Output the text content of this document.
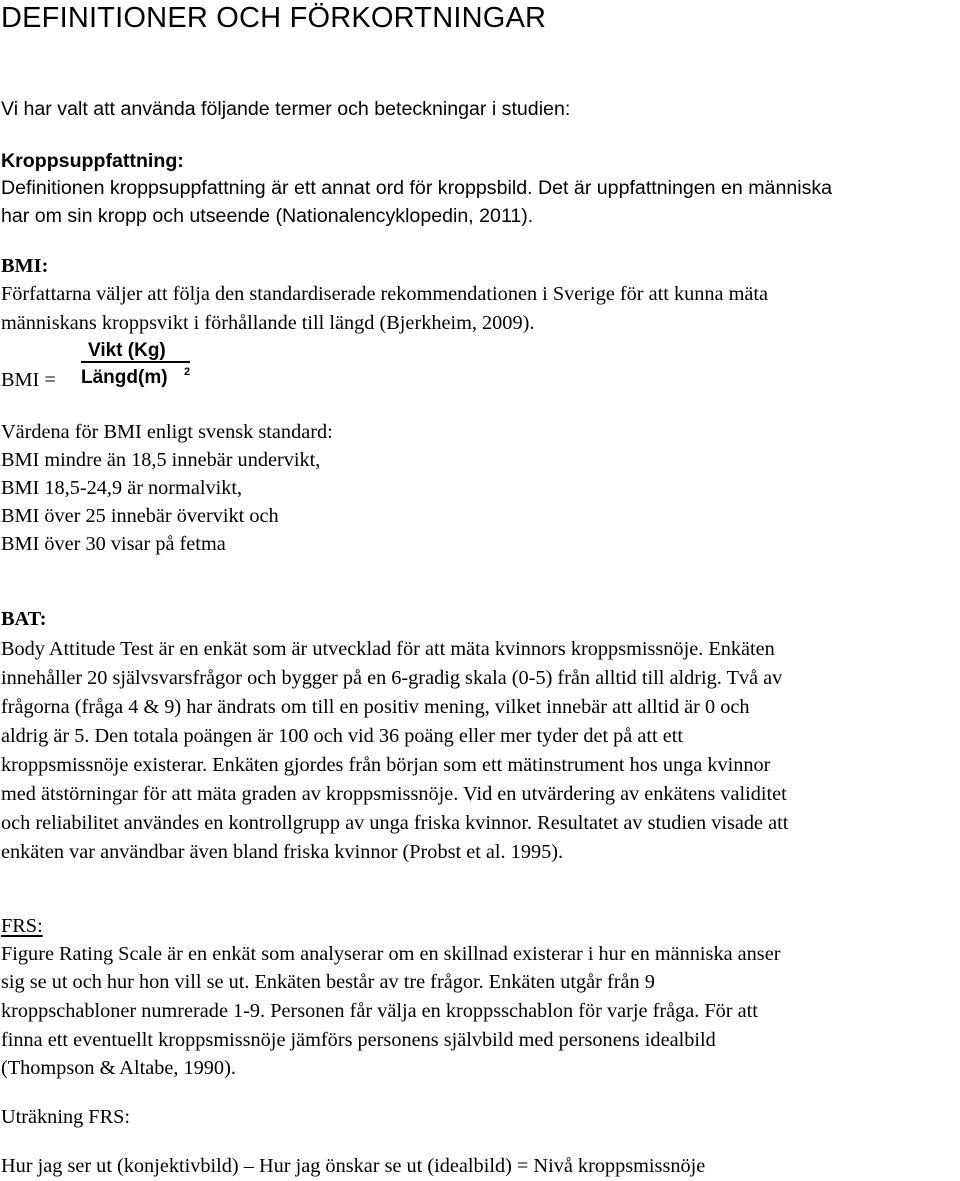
DEFINITIONER OCH FÖRKORTNINGAR

Vi har valt att använda följande termer och beteckningar i studien:

Kroppsuppfattning:

Definitionen kroppsuppfattning är ett annat ord för kroppsbild. Det är uppfattningen en människa

har om sin kropp och utseende (Nationalencyklopedin, 2011).

BMI:

Författarna väljer att följa den standardiserade rekommendationen i Sverige för att kunna mäta

människans kroppsvikt i förhållande till längd (Bjerkheim, 2009).

BMI =
Vikt (Kg)
Längd(m) 2

Värdena för BMI enligt svensk standard:

BMI mindre än 18,5 innebär undervikt,

BMI 18,5-24,9 är normalvikt,

BMI över 25 innebär övervikt och

BMI över 30 visar på fetma

BAT:

Body Attitude Test är en enkät som är utvecklad för att mäta kvinnors kroppsmissnöje. Enkäten

innehåller 20 självsvarsfrågor och bygger på en 6-gradig skala (0-5) från alltid till aldrig. Två av

frågorna (fråga 4 & 9) har ändrats om till en positiv mening, vilket innebär att alltid är 0 och

aldrig är 5. Den totala poängen är 100 och vid 36 poäng eller mer tyder det på att ett

kroppsmissnöje existerar. Enkäten gjordes från början som ett mätinstrument hos unga kvinnor

med ätstörningar för att mäta graden av kroppsmissnöje. Vid en utvärdering av enkätens validitet

och reliabilitet användes en kontrollgrupp av unga friska kvinnor. Resultatet av studien visade att

enkäten var användbar även bland friska kvinnor (Probst et al. 1995).

FRS:

Figure Rating Scale är en enkät som analyserar om en skillnad existerar i hur en människa anser

sig se ut och hur hon vill se ut. Enkäten består av tre frågor. Enkäten utgår från 9

kroppschabloner numrerade 1-9. Personen får välja en kroppsschablon för varje fråga. För att

finna ett eventuellt kroppsmissnöje jämförs personens självbild med personens idealbild

(Thompson & Altabe, 1990).

Uträkning FRS:

Hur jag ser ut (konjektivbild) – Hur jag önskar se ut (idealbild) = Nivå kroppsmissnöje
